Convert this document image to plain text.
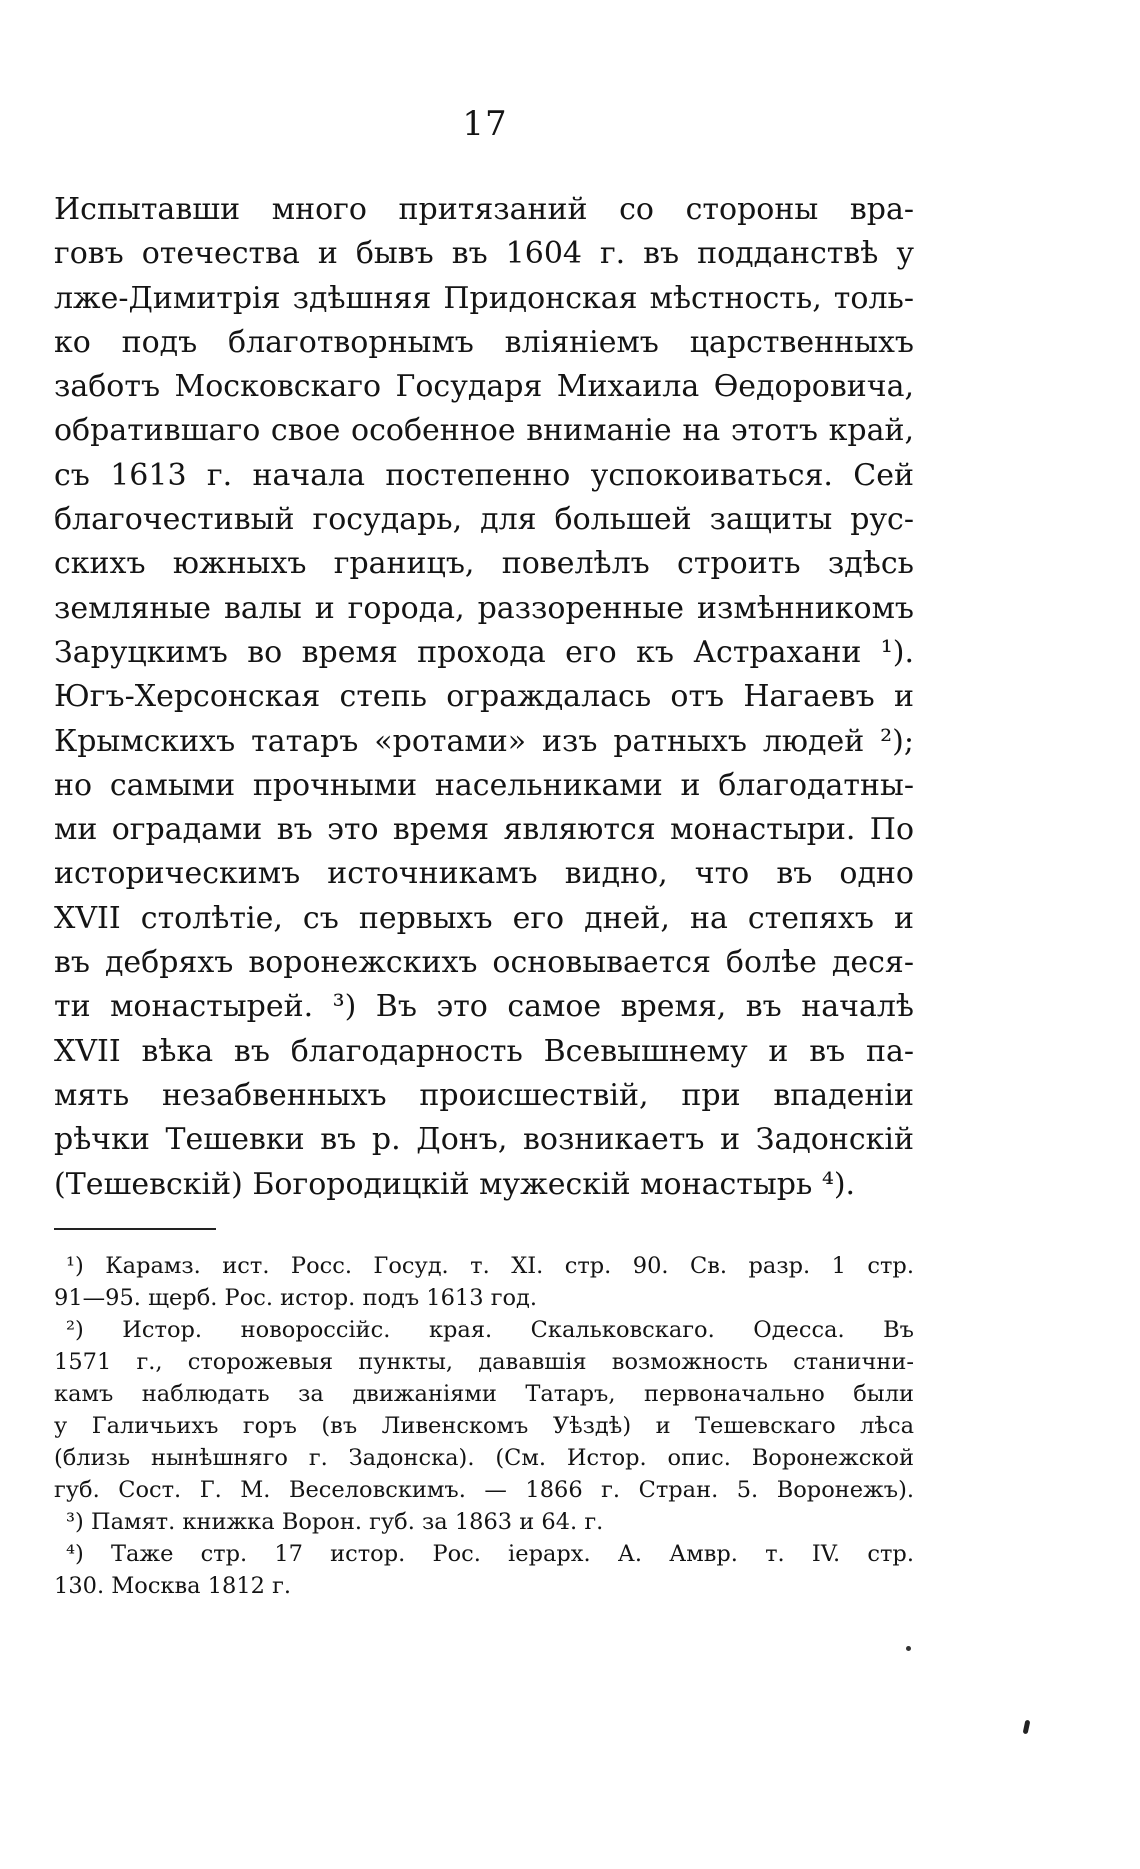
17
Испытавши много притязаний со стороны вра-
говъ отечества и бывъ въ 1604 г. въ подданствѣ у
лже-Димитрія здѣшняя Придонская мѣстность, толь-
ко подъ благотворнымъ вліяніемъ царственныхъ
заботъ Московскаго Государя Михаила Ѳедоровича,
обратившаго свое особенное вниманіе на этотъ край,
съ 1613 г. начала постепенно успокоиваться. Сей
благочестивый государь, для большей защиты рус-
скихъ южныхъ границъ, повелѣлъ строить здѣсь
земляные валы и города, раззоренные измѣнникомъ
Заруцкимъ во время прохода его къ Астрахани ¹).
Югъ-Херсонская степь ограждалась отъ Нагаевъ и
Крымскихъ татаръ «ротами» изъ ратныхъ людей ²);
но самыми прочными насельниками и благодатны-
ми оградами въ это время являются монастыри. По
историческимъ источникамъ видно, что въ одно
XVII столѣтіе, съ первыхъ его дней, на степяхъ и
въ дебряхъ воронежскихъ основывается болѣе деся-
ти монастырей. ³) Въ это самое время, въ началѣ
XVII вѣка въ благодарность Всевышнему и въ па-
мять незабвенныхъ происшествій, при впаденіи
рѣчки Тешевки въ р. Донъ, возникаетъ и Задонскій
(Тешевскій) Богородицкій мужескій монастырь ⁴).
¹) Карамз. ист. Росс. Госуд. т. XI. стр. 90. Св. разр. 1 стр.
91—95. щерб. Рос. истор. подъ 1613 год.
²) Истор. новороссійс. края. Скальковскаго. Одесса. Въ
1571 г., сторожевыя пункты, дававшія возможность станични-
камъ наблюдать за движаніями Татаръ, первоначально были
у Галичьихъ горъ (въ Ливенскомъ Уѣздѣ) и Тешевскаго лѣса
(близь нынѣшняго г. Задонска). (См. Истор. опис. Воронежской
губ. Сост. Г. М. Веселовскимъ. — 1866 г. Стран. 5. Воронежъ).
³) Памят. книжка Ворон. губ. за 1863 и 64. г.
⁴) Таже стр. 17 истор. Рос. іерарх. А. Амвр. т. IV. стр.
130. Москва 1812 г.
